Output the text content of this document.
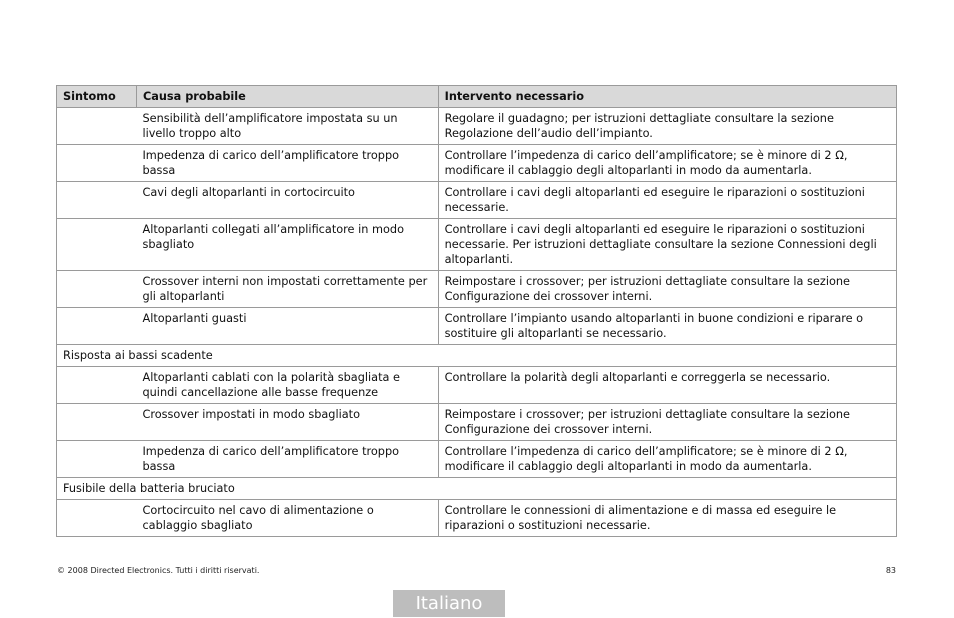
Sintomo	Causa probabile	Intervento necessario
	Sensibilità dell’amplificatore impostata su un livello troppo alto	Regolare il guadagno; per istruzioni dettagliate consultare la sezione Regolazione dell’audio dell’impianto.
	Impedenza di carico dell’amplificatore troppo bassa	Controllare l’impedenza di carico dell’amplificatore; se è minore di 2 Ω, modificare il cablaggio degli altoparlanti in modo da aumentarla.
	Cavi degli altoparlanti in cortocircuito	Controllare i cavi degli altoparlanti ed eseguire le riparazioni o sostituzioni necessarie.
	Altoparlanti collegati all’amplificatore in modo sbagliato	Controllare i cavi degli altoparlanti ed eseguire le riparazioni o sostituzioni necessarie. Per istruzioni dettagliate consultare la sezione Connessioni degli altoparlanti.
	Crossover interni non impostati correttamente per gli altoparlanti	Reimpostare i crossover; per istruzioni dettagliate consultare la sezione Configurazione dei crossover interni.
	Altoparlanti guasti	Controllare l’impianto usando altoparlanti in buone condizioni e riparare o sostituire gli altoparlanti se necessario.
Risposta ai bassi scadente		
	Altoparlanti cablati con la polarità sbagliata e quindi cancellazione alle basse frequenze	Controllare la polarità degli altoparlanti e correggerla se necessario.
	Crossover impostati in modo sbagliato	Reimpostare i crossover; per istruzioni dettagliate consultare la sezione Configurazione dei crossover interni.
	Impedenza di carico dell’amplificatore troppo bassa	Controllare l’impedenza di carico dell’amplificatore; se è minore di 2 Ω, modificare il cablaggio degli altoparlanti in modo da aumentarla.
Fusibile della batteria bruciato		
	Cortocircuito nel cavo di alimentazione o cablaggio sbagliato	Controllare le connessioni di alimentazione e di massa ed eseguire le riparazioni o sostituzioni necessarie.
© 2008 Directed Electronics. Tutti i diritti riservati.	83
Italiano
